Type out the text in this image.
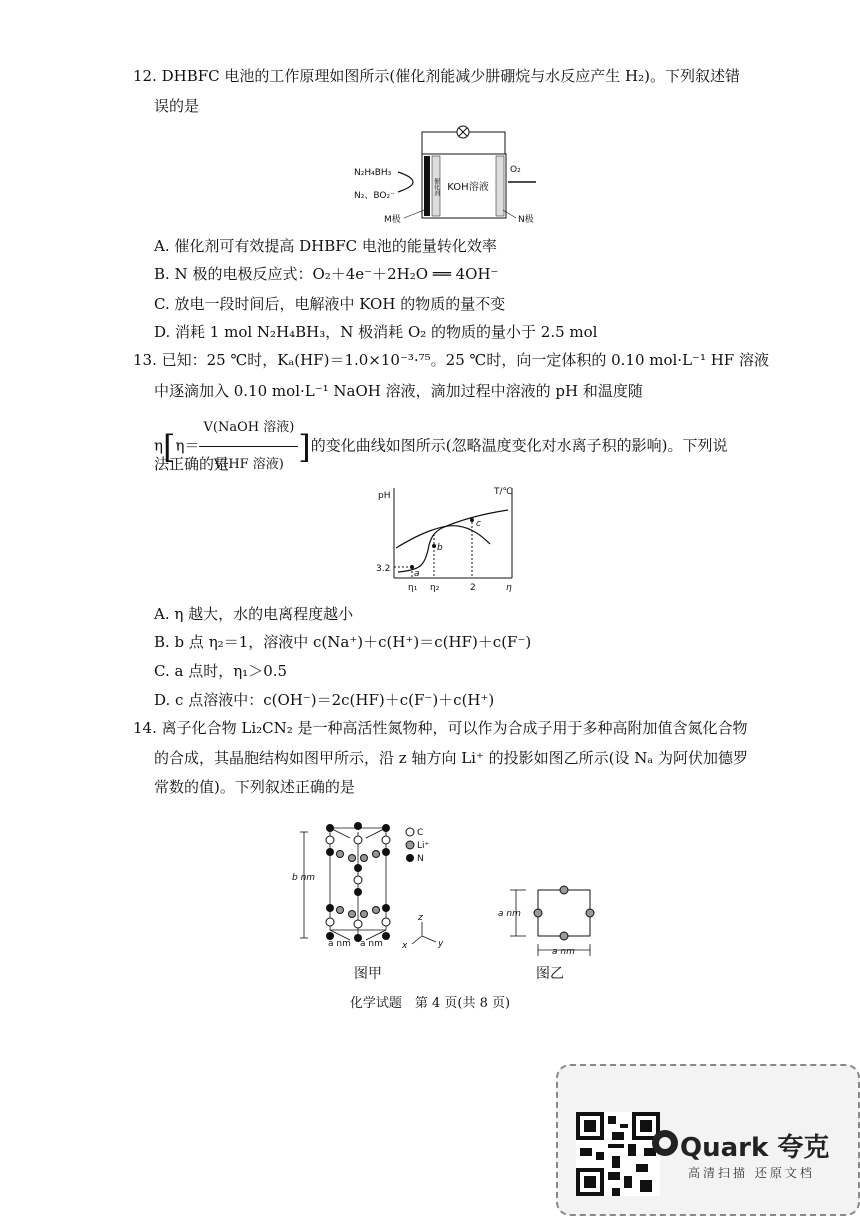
12. DHBFC 电池的工作原理如图所示(催化剂能减少肼硼烷与水反应产生 H₂)。下列叙述错
误的是
催化剂 KOH溶液
N₂H₄BH₃
N₂、BO₂⁻
O₂
M极	N极
A. 催化剂可有效提高 DHBFC 电池的能量转化效率
B. N 极的电极反应式：O₂＋4e⁻＋2H₂O ══ 4OH⁻
C. 放电一段时间后，电解液中 KOH 的物质的量不变
D. 消耗 1 mol N₂H₄BH₃，N 极消耗 O₂ 的物质的量小于 2.5 mol
13. 已知：25 ℃时，Kₐ(HF)＝1.0×10⁻³·⁷⁵。25 ℃时，向一定体积的 0.10 mol·L⁻¹ HF 溶液
中逐滴加入 0.10 mol·L⁻¹ NaOH 溶液，滴加过程中溶液的 pH 和温度随
$\eta[\eta= \frac{\text{V(NaOH 溶液)}}{\text{V(HF 溶液)}}$ ]的变化曲线如图所示(忽略温度变化对水离子积的影响)。下列说
法正确的是
pH	T/℃
a
b
c
3.2
η₁ η₂	2	η
A. η 越大，水的电离程度越小
B. b 点 η₂＝1，溶液中 c(Na⁺)＋c(H⁺)＝c(HF)＋c(F⁻)
C. a 点时，η₁＞0.5
D. c 点溶液中：c(OH⁻)＝2c(HF)＋c(F⁻)＋c(H⁺)
14. 离子化合物 Li₂CN₂ 是一种高活性氮物种，可以作为合成子用于多种高附加值含氮化合物
的合成，其晶胞结构如图甲所示，沿 z 轴方向 Li⁺ 的投影如图乙所示(设 Nₐ 为阿伏加德罗
常数的值)。下列叙述正确的是
b nm
a nm a nm
C
Li⁺
N
z
y
x
a nm
a nm
图甲	图乙
化学试题　第 4 页(共 8 页)
Quark 夸克
高清扫描 还原文档
